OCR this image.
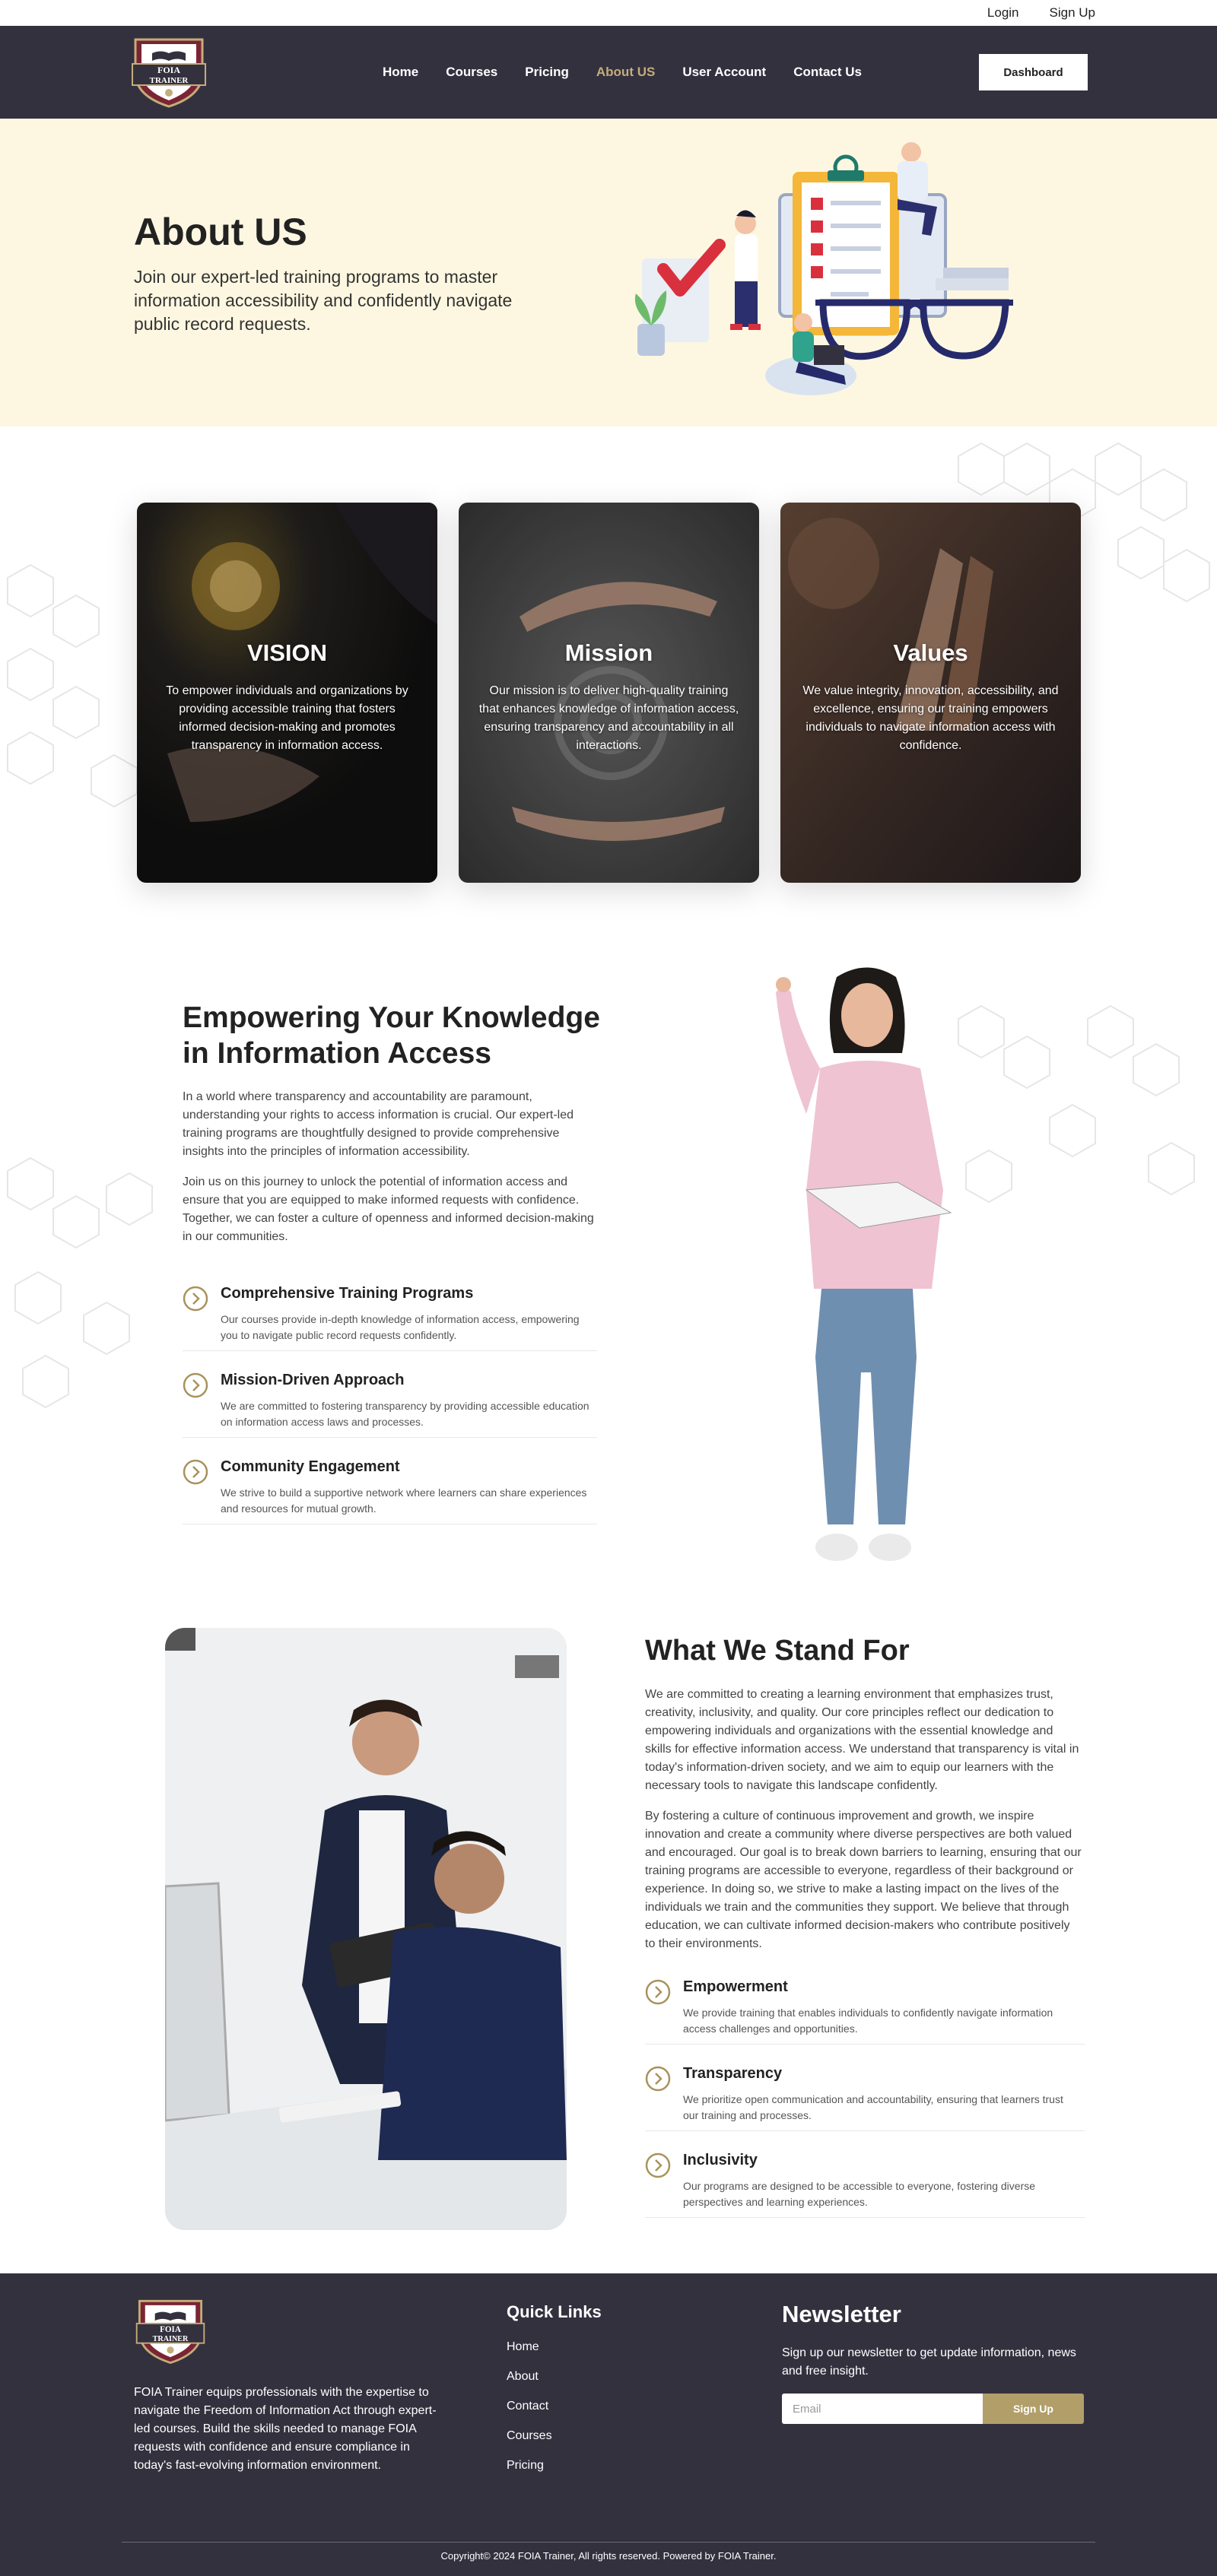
Login Sign Up
FOIA
TRAINER
Home Courses Pricing About US User Account Contact Us	Dashboard
About US

Join our expert-led training programs to master information accessibility and confidently navigate public record requests.

VISION

To empower individuals and organizations by providing accessible training that fosters informed decision-making and promotes transparency in information access.

Mission

Our mission is to deliver high-quality training that enhances knowledge of information access, ensuring transparency and accountability in all interactions.

Values

We value integrity, innovation, accessibility, and excellence, ensuring our training empowers individuals to navigate information access with confidence.

Empowering Your Knowledge in Information Access

In a world where transparency and accountability are paramount, understanding your rights to access information is crucial. Our expert-led training programs are thoughtfully designed to provide comprehensive insights into the principles of information accessibility.

Join us on this journey to unlock the potential of information access and ensure that you are equipped to make informed requests with confidence. Together, we can foster a culture of openness and informed decision-making in our communities.

Comprehensive Training Programs

Our courses provide in-depth knowledge of information access, empowering you to navigate public record requests confidently.

Mission-Driven Approach

We are committed to fostering transparency by providing accessible education on information access laws and processes.

Community Engagement

We strive to build a supportive network where learners can share experiences and resources for mutual growth.

What We Stand For

We are committed to creating a learning environment that emphasizes trust, creativity, inclusivity, and quality. Our core principles reflect our dedication to empowering individuals and organizations with the essential knowledge and skills for effective information access. We understand that transparency is vital in today's information-driven society, and we aim to equip our learners with the necessary tools to navigate this landscape confidently.

By fostering a culture of continuous improvement and growth, we inspire innovation and create a community where diverse perspectives are both valued and encouraged. Our goal is to break down barriers to learning, ensuring that our training programs are accessible to everyone, regardless of their background or experience. In doing so, we strive to make a lasting impact on the lives of the individuals we train and the communities they support. We believe that through education, we can cultivate informed decision-makers who contribute positively to their environments.

Empowerment

We provide training that enables individuals to confidently navigate information access challenges and opportunities.

Transparency

We prioritize open communication and accountability, ensuring that learners trust our training and processes.

Inclusivity

Our programs are designed to be accessible to everyone, fostering diverse perspectives and learning experiences.

FOIA
TRAINER

FOIA Trainer equips professionals with the expertise to navigate the Freedom of Information Act through expert-led courses. Build the skills needed to manage FOIA requests with confidence and ensure compliance in today's fast-evolving information environment.

Quick Links
Home
About
Contact
Courses
Pricing
Newsletter

Sign up our newsletter to get update information, news and free insight.

Email
Sign Up
Copyright© 2024 FOIA Trainer, All rights reserved. Powered by FOIA Trainer.
